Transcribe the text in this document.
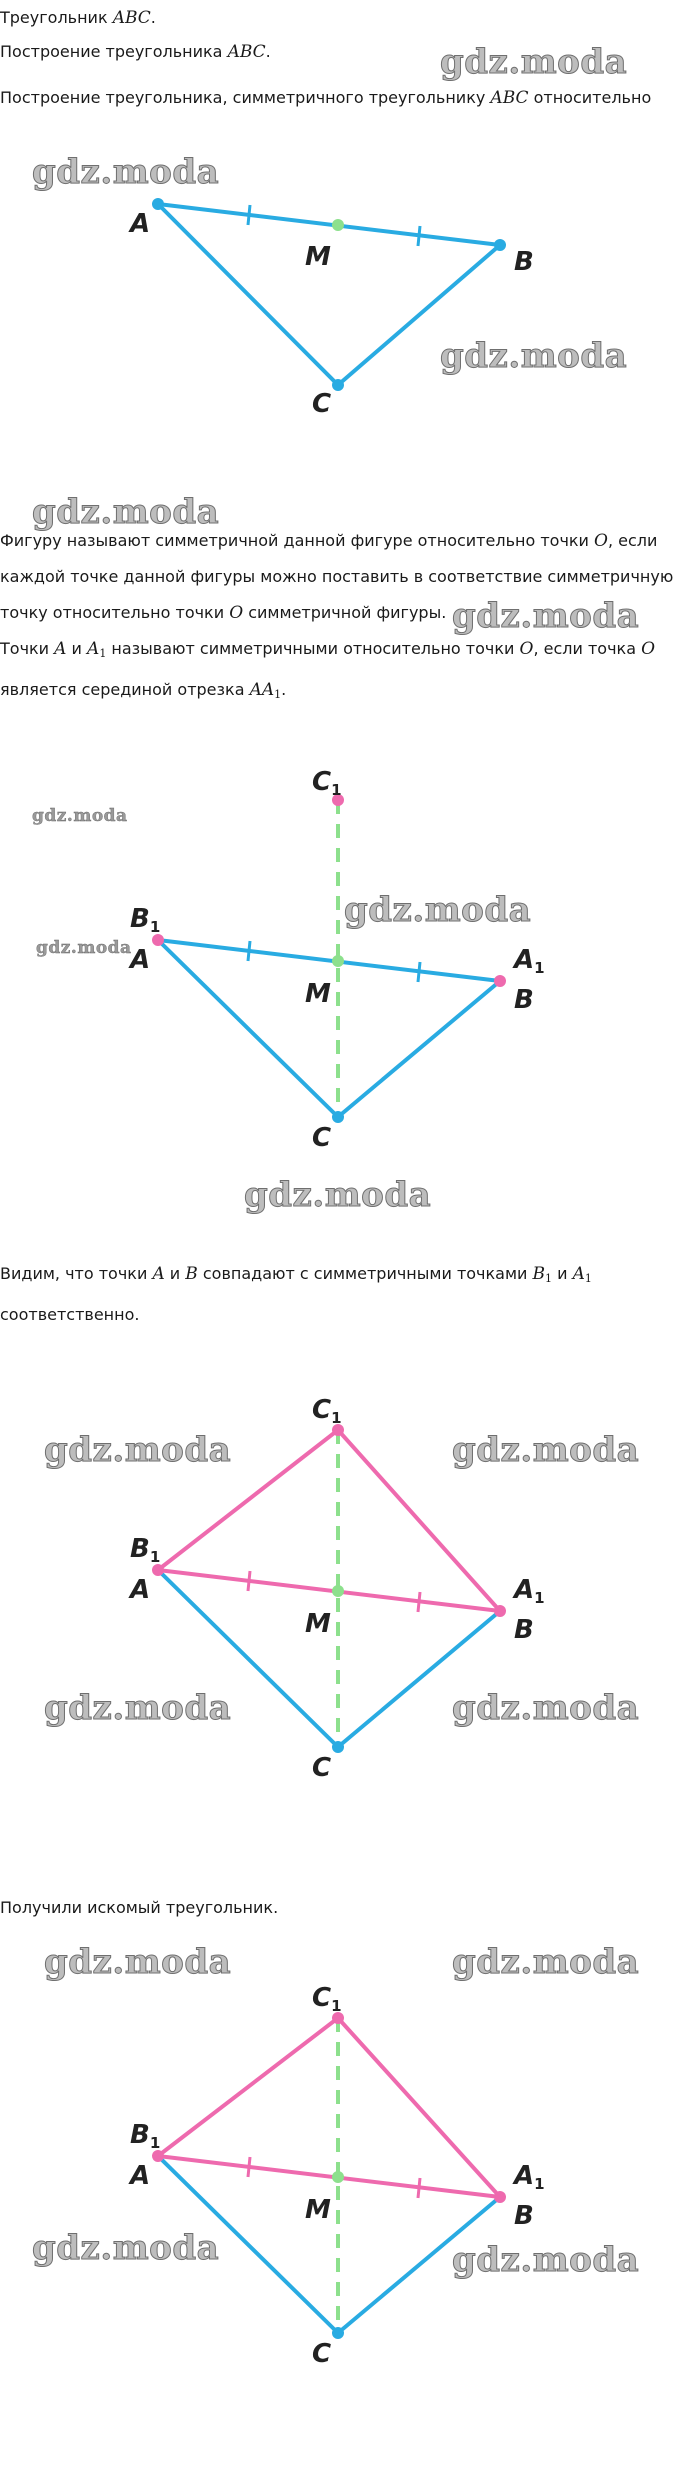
Треугольник ABC.

Построение треугольника ABC.

Построение треугольника, симметричного треугольнику ABC относительно

gdz.moda
gdz.moda
gdz.moda
A
B
C
M
gdz.moda

Фигуру называют симметричной данной фигуре относительно точки O, если каждой точке данной фигуры можно поставить в соответствие симметричную точку относительно точки O симметричной фигуры. gdz.moda

Точки A и $A_1$ называют симметричными относительно точки O, если точка O является серединой отрезка $AA_1$.

gdz.moda
gdz.moda
gdz.moda
gdz.moda
C1
B1
A	A1
B
M
C

Видим, что точки A и B совпадают с симметричными точками $B_1$ и $A_1$ соответственно.

gdz.moda	gdz.moda
gdz.moda	gdz.moda
C1
B1
A	A1
B
M
C

Получили искомый треугольник.

gdz.moda	gdz.moda
gdz.moda	gdz.moda
C1
B1
A	A1
B
M
C
